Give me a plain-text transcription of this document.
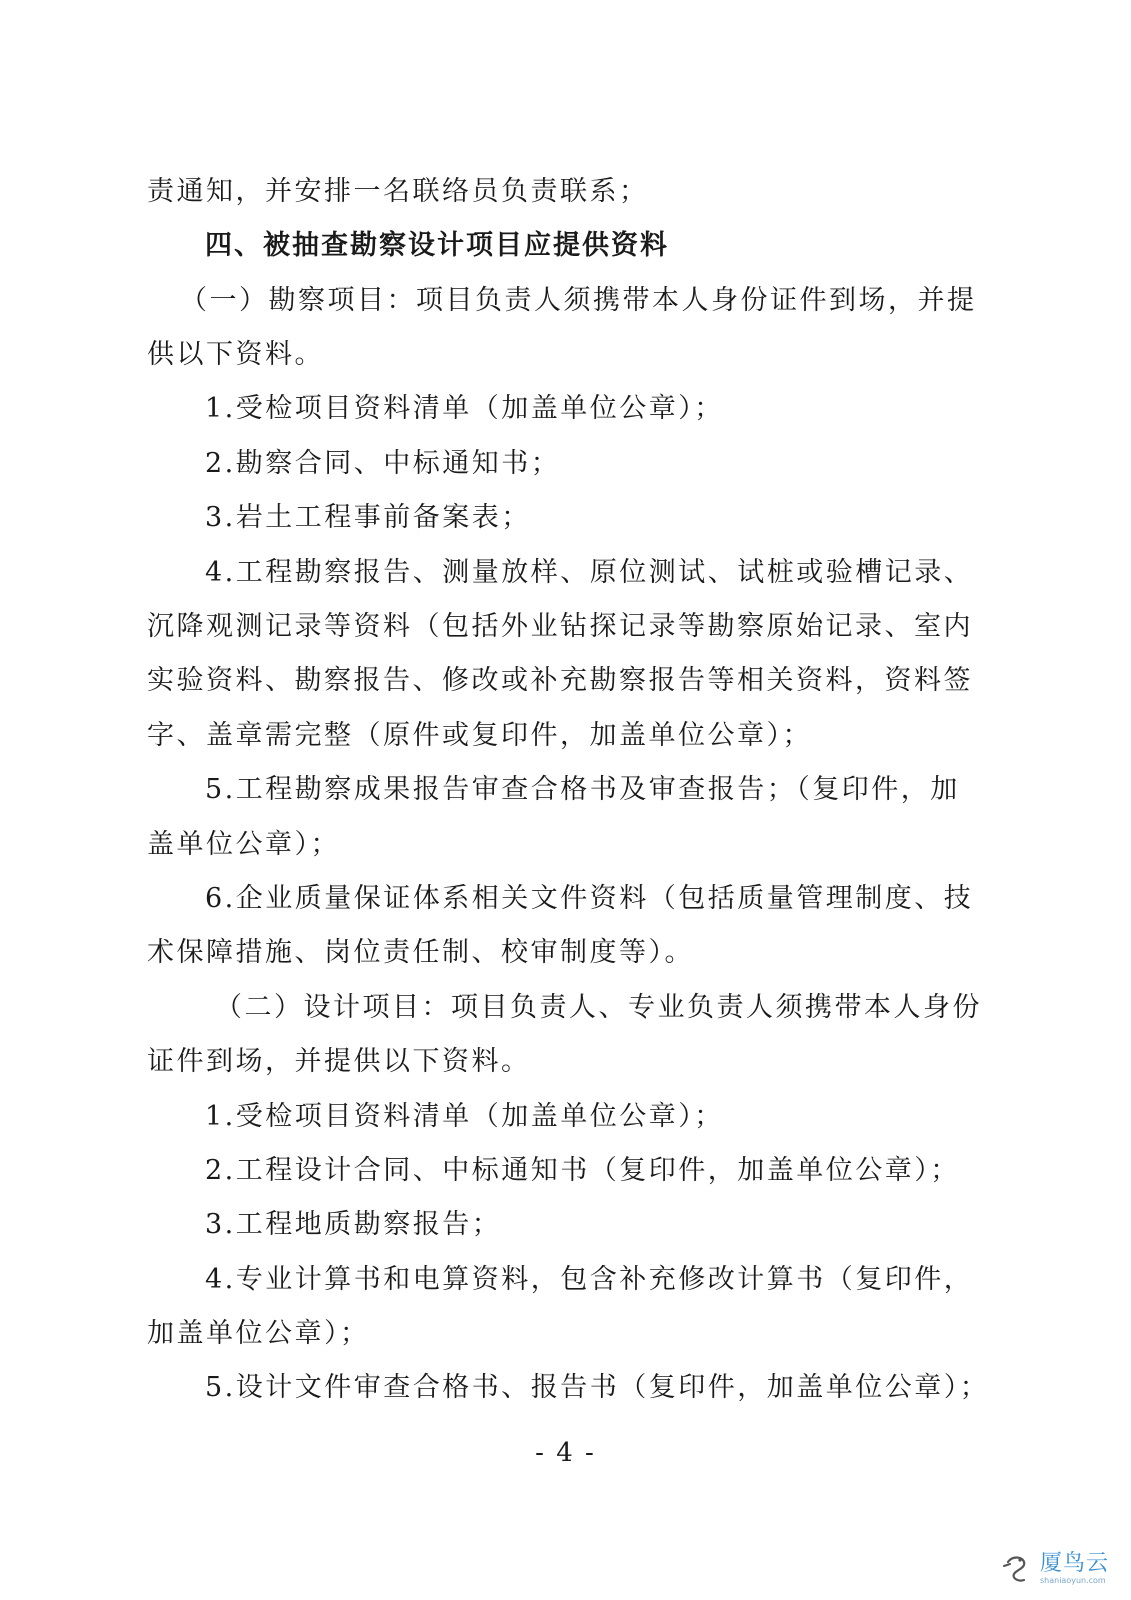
责通知，并安排一名联络员负责联系；
四、被抽查勘察设计项目应提供资料
（一）勘察项目：项目负责人须携带本人身份证件到场，并提
供以下资料。
1.受检项目资料清单（加盖单位公章）；
2.勘察合同、中标通知书；
3.岩土工程事前备案表；
4.工程勘察报告、测量放样、原位测试、试桩或验槽记录、
沉降观测记录等资料（包括外业钻探记录等勘察原始记录、室内
实验资料、勘察报告、修改或补充勘察报告等相关资料，资料签
字、盖章需完整（原件或复印件，加盖单位公章）；
5.工程勘察成果报告审查合格书及审查报告；（复印件，加
盖单位公章）；
6.企业质量保证体系相关文件资料（包括质量管理制度、技
术保障措施、岗位责任制、校审制度等）。
（二）设计项目：项目负责人、专业负责人须携带本人身份
证件到场，并提供以下资料。
1.受检项目资料清单（加盖单位公章）；
2.工程设计合同、中标通知书（复印件，加盖单位公章）；
3.工程地质勘察报告；
4.专业计算书和电算资料，包含补充修改计算书（复印件，
加盖单位公章）；
5.设计文件审查合格书、报告书（复印件，加盖单位公章）；
- 4 -
厦鸟云
shaniaoyun.com
